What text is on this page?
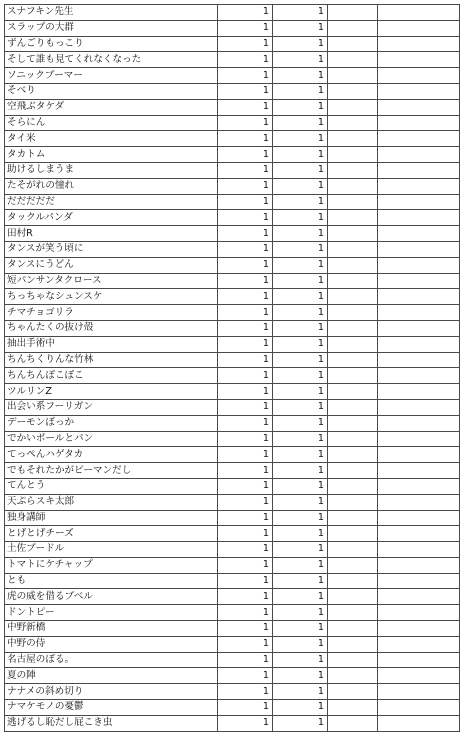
スナフキン先生	1	1		
スラップの大群	1	1		
ずんごりもっこり	1	1		
そして誰も見てくれなくなった	1	1		
ソニックブーマー	1	1		
そべり	1	1		
空飛ぶタケダ	1	1		
そらにん	1	1		
タイ米	1	1		
タカトム	1	1		
助けるしまうま	1	1		
たそがれの憧れ	1	1		
だだだだだ	1	1		
タックルパンダ	1	1		
田村R	1	1		
タンスが笑う頃に	1	1		
タンスにうどん	1	1		
短パンサンタクロース	1	1		
ちっちゃなシュンスケ	1	1		
チマチョゴリラ	1	1		
ちゃんたくの抜け殻	1	1		
抽出手術中	1	1		
ちんちくりんな竹林	1	1		
ちんちんぽこぽこ	1	1		
ツルリンZ	1	1		
出会い系フーリガン	1	1		
デーモンぼっか	1	1		
でかいボールとパン	1	1		
てっぺんハゲタカ	1	1		
でもそれたかがピーマンだし	1	1		
てんとう	1	1		
天ぷらスキ太郎	1	1		
独身講師	1	1		
とげとげチーズ	1	1		
土佐ブードル	1	1		
トマトにケチャップ	1	1		
とも	1	1		
虎の威を借るブベル	1	1		
ドントピー	1	1		
中野新橋	1	1		
中野の侍	1	1		
名古屋のぼる。	1	1		
夏の陣	1	1		
ナナメの斜め切り	1	1		
ナマケモノの憂鬱	1	1		
逃げるし恥だし屁こき虫	1	1		
